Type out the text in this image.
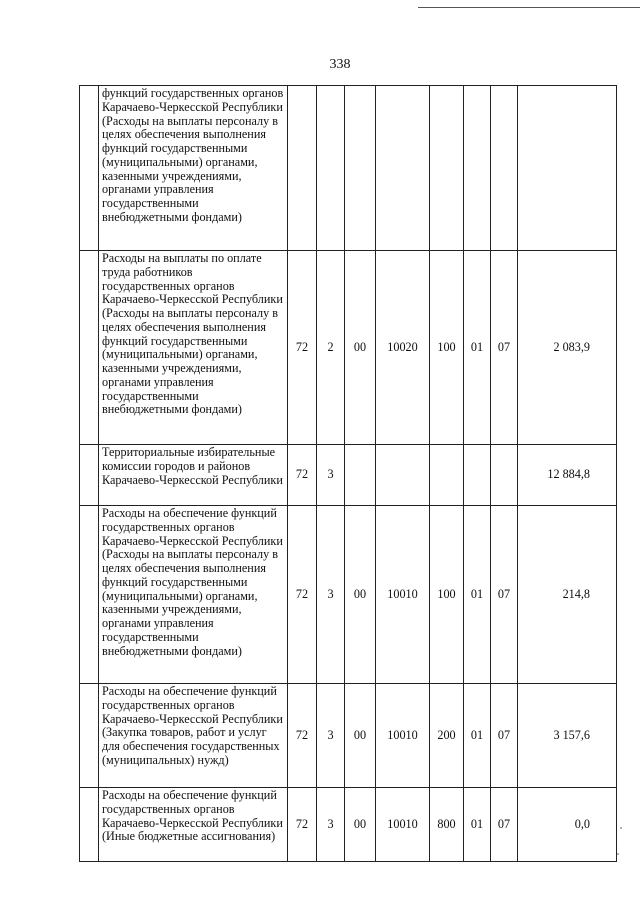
338
	функций государственных органов Карачаево-Черкесской Республики (Расходы на выплаты персоналу в целях обеспечения выполнения функций государственными (муниципальными) органами, казенными учреждениями, органами управления государственными внебюджетными фондами)								
	Расходы на выплаты по оплате труда работников государственных органов Карачаево-Черкесской Республики (Расходы на выплаты персоналу в целях обеспечения выполнения функций государственными (муниципальными) органами, казенными учреждениями, органами управления государственными внебюджетными фондами)	72	2	00	10020	100	01	07	2 083,9
	Территориальные избирательные комиссии городов и районов Карачаево-Черкесской Республики	72	3						12 884,8
	Расходы на обеспечение функций государственных органов Карачаево-Черкесской Республики (Расходы на выплаты персоналу в целях обеспечения выполнения функций государственными (муниципальными) органами, казенными учреждениями, органами управления государственными внебюджетными фондами)	72	3	00	10010	100	01	07	214,8
	Расходы на обеспечение функций государственных органов Карачаево-Черкесской Республики (Закупка товаров, работ и услуг для обеспечения государственных (муниципальных) нужд)	72	3	00	10010	200	01	07	3 157,6
	Расходы на обеспечение функций государственных органов Карачаево-Черкесской Республики (Иные бюджетные ассигнования)	72	3	00	10010	800	01	07	0,0
